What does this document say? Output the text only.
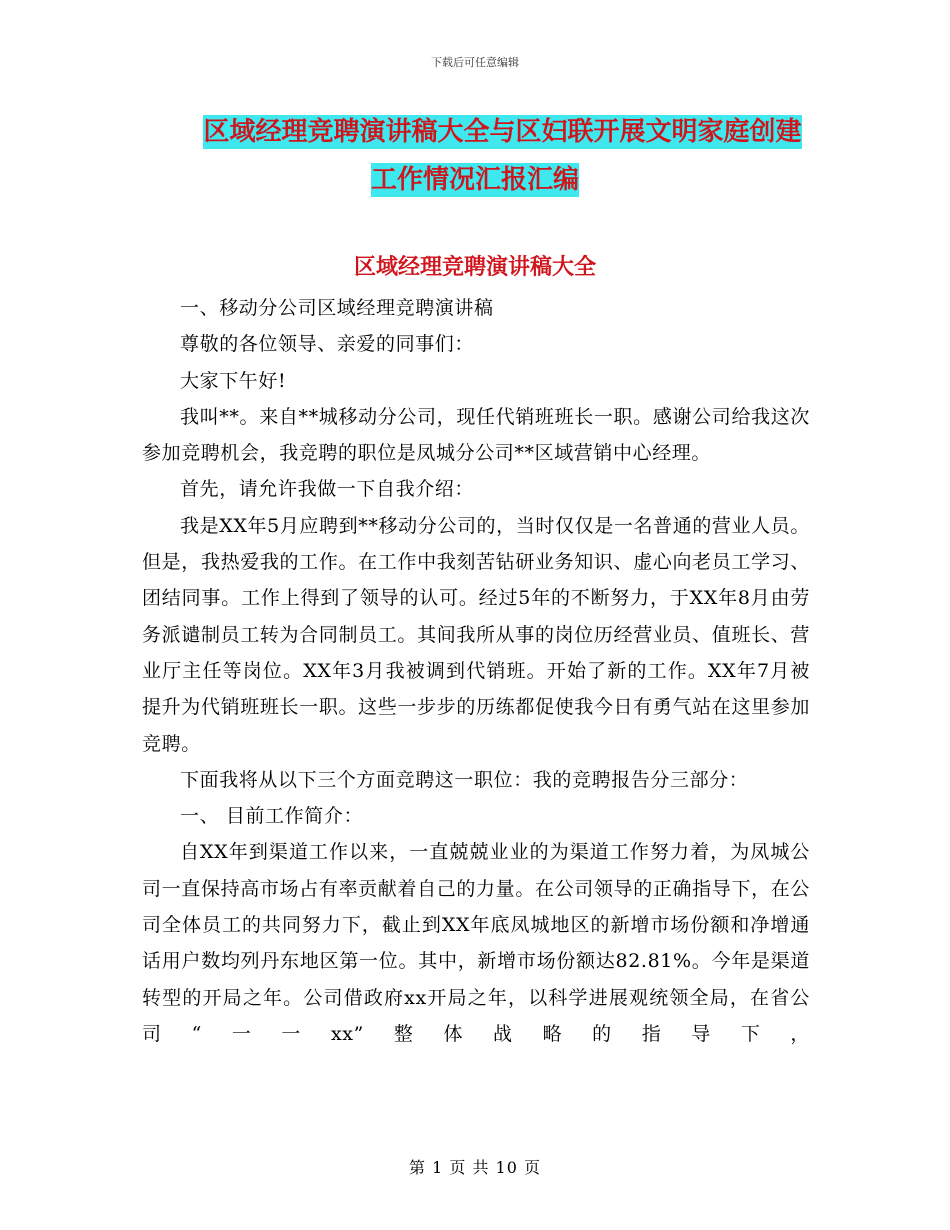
下载后可任意编辑
区域经理竞聘演讲稿大全与区妇联开展文明家庭创建
工作情况汇报汇编
区域经理竞聘演讲稿大全

一、移动分公司区域经理竞聘演讲稿

尊敬的各位领导、亲爱的同事们：

大家下午好!

我叫**。来自**城移动分公司，现任代销班班长一职。感谢公司给我这次参加竞聘机会，我竞聘的职位是凤城分公司**区域营销中心经理。

首先，请允许我做一下自我介绍：

我是XX年5月应聘到**移动分公司的，当时仅仅是一名普通的营业人员。但是，我热爱我的工作。在工作中我刻苦钻研业务知识、虚心向老员工学习、团结同事。工作上得到了领导的认可。经过5年的不断努力，于XX年8月由劳务派谴制员工转为合同制员工。其间我所从事的岗位历经营业员、值班长、营业厅主任等岗位。XX年3月我被调到代销班。开始了新的工作。XX年7月被提升为代销班班长一职。这些一步步的历练都促使我今日有勇气站在这里参加竞聘。

下面我将从以下三个方面竞聘这一职位：我的竞聘报告分三部分：

一、 目前工作简介：

自XX年到渠道工作以来，一直兢兢业业的为渠道工作努力着，为凤城公司一直保持高市场占有率贡献着自己的力量。在公司领导的正确指导下，在公司全体员工的共同努力下，截止到XX年底凤城地区的新增市场份额和净增通话用户数均列丹东地区第一位。其中，新增市场份额达82.81%。今年是渠道转型的开局之年。公司借政府xx开局之年，以科学进展观统领全局，在省公司“一一xx”整体战略的指导下，

第 1 页 共 10 页
